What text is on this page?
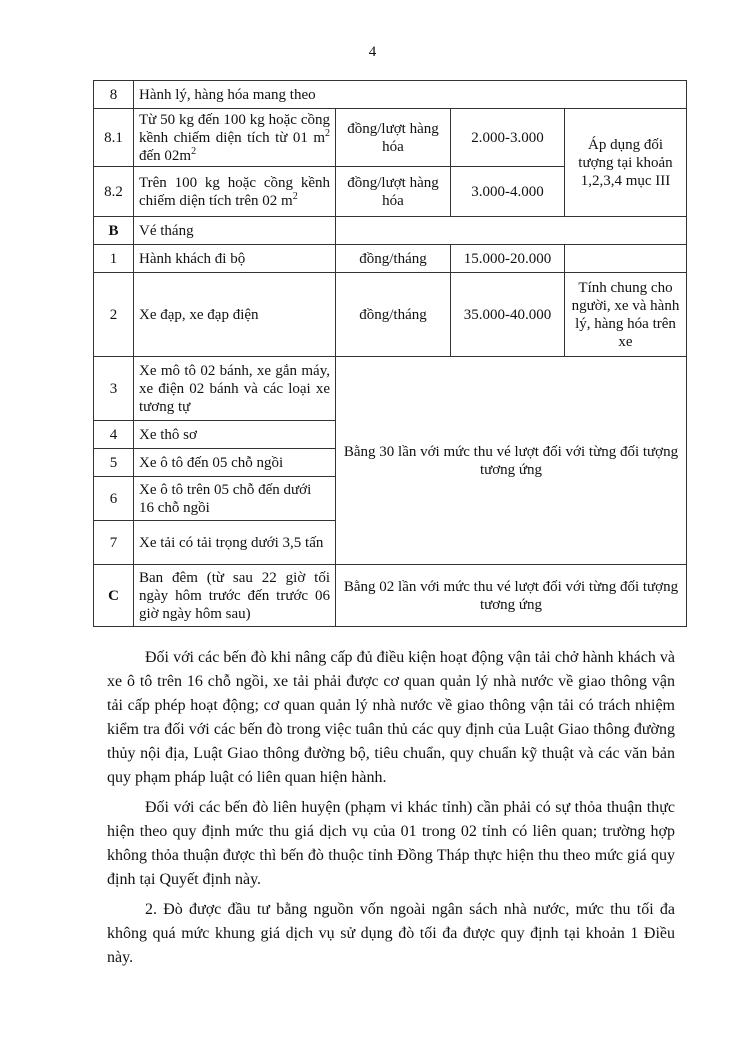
4
8	Hành lý, hàng hóa mang theo			
8.1	Từ 50 kg đến 100 kg hoặc cồng kềnh chiếm diện tích từ 01 $m^2$ đến $02m^2$	đồng/lượt hàng hóa	2.000-3.000	Áp dụng đối tượng tại khoản 1,2,3,4 mục III
8.2	Trên 100 kg hoặc cồng kềnh chiếm diện tích trên 02 $m^2$	đồng/lượt hàng hóa	3.000-4.000	
B	Vé tháng			
1	Hành khách đi bộ	đồng/tháng	15.000-20.000	
2	Xe đạp, xe đạp điện	đồng/tháng	35.000-40.000	Tính chung cho người, xe và hành lý, hàng hóa trên xe
3	Xe mô tô 02 bánh, xe gắn máy, xe điện 02 bánh và các loại xe tương tự	Bằng 30 lần với mức thu vé lượt đối với từng đối tượng tương ứng		
4	Xe thô sơ			
5	Xe ô tô đến 05 chỗ ngồi			
6	Xe ô tô trên 05 chỗ đến dưới 16 chỗ ngồi			
7	Xe tải có tải trọng dưới 3,5 tấn			
C	Ban đêm (từ sau 22 giờ tối ngày hôm trước đến trước 06 giờ ngày hôm sau)	Bằng 02 lần với mức thu vé lượt đối với từng đối tượng tương ứng		

Đối với các bến đò khi nâng cấp đủ điều kiện hoạt động vận tải chở hành khách và xe ô tô trên 16 chỗ ngồi, xe tải phải được cơ quan quản lý nhà nước về giao thông vận tải cấp phép hoạt động; cơ quan quản lý nhà nước về giao thông vận tải có trách nhiệm kiểm tra đối với các bến đò trong việc tuân thủ các quy định của Luật Giao thông đường thủy nội địa, Luật Giao thông đường bộ, tiêu chuẩn, quy chuẩn kỹ thuật và các văn bản quy phạm pháp luật có liên quan hiện hành.

Đối với các bến đò liên huyện (phạm vi khác tỉnh) cần phải có sự thỏa thuận thực hiện theo quy định mức thu giá dịch vụ của 01 trong 02 tỉnh có liên quan; trường hợp không thỏa thuận được thì bến đò thuộc tỉnh Đồng Tháp thực hiện thu theo mức giá quy định tại Quyết định này.

2. Đò được đầu tư bằng nguồn vốn ngoài ngân sách nhà nước, mức thu tối đa không quá mức khung giá dịch vụ sử dụng đò tối đa được quy định tại khoản 1 Điều này.
